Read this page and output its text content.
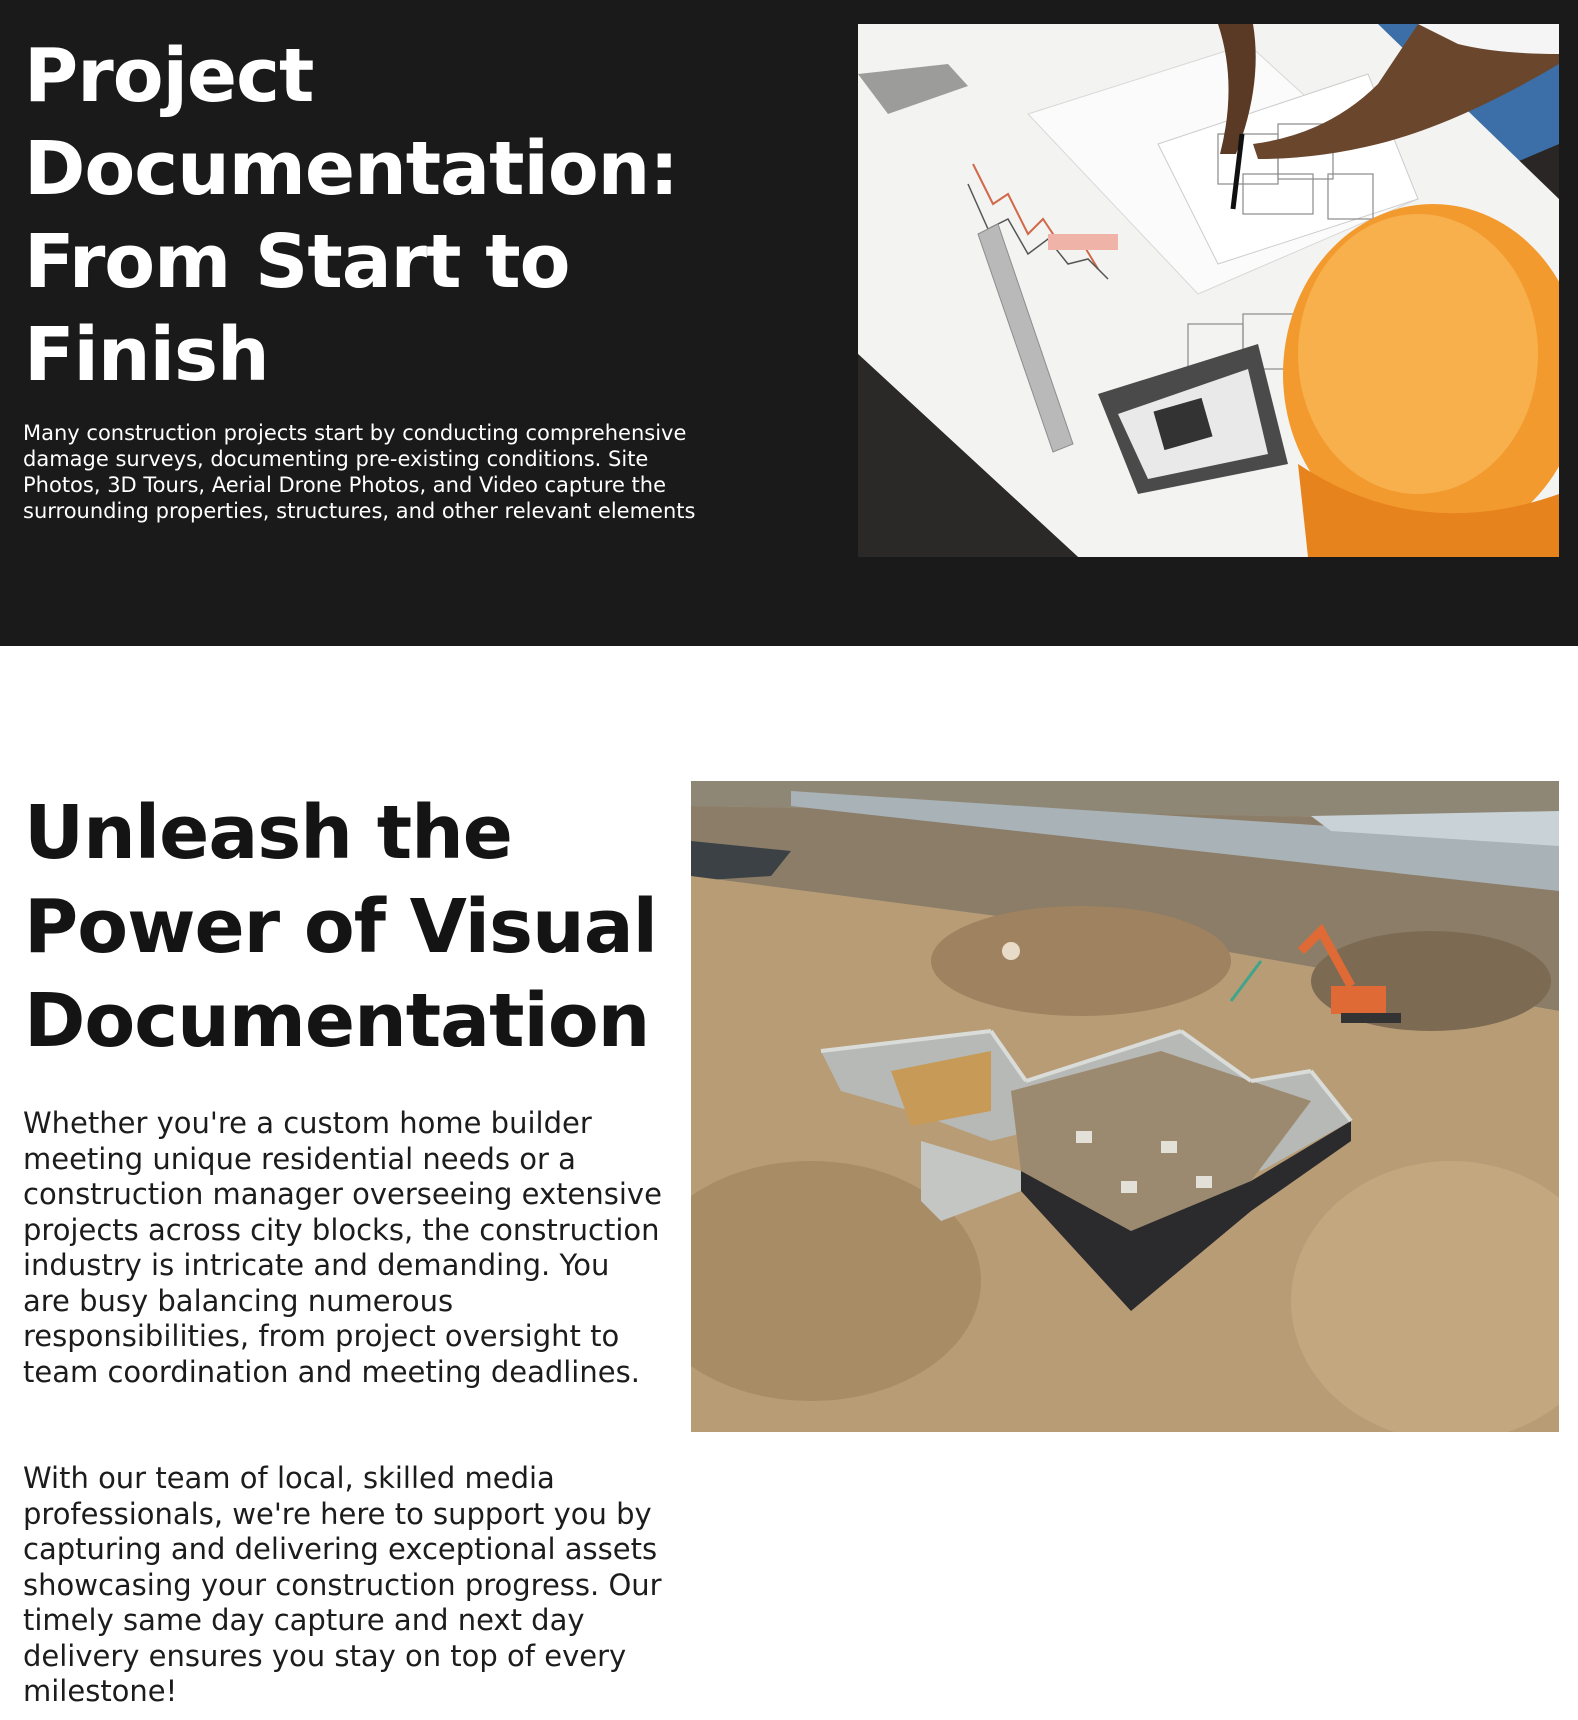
Project Documentation: From Start to Finish

Many construction projects start by conducting comprehensive damage surveys, documenting pre-existing conditions. Site Photos, 3D Tours, Aerial Drone Photos, and Video capture the surrounding properties, structures, and other relevant elements

Unleash the Power of Visual Documentation

Whether you're a custom home builder meeting unique residential needs or a construction manager overseeing extensive projects across city blocks, the construction industry is intricate and demanding. You are busy balancing numerous responsibilities, from project oversight to team coordination and meeting deadlines.

With our team of local, skilled media professionals, we're here to support you by capturing and delivering exceptional assets showcasing your construction progress. Our timely same day capture and next day delivery ensures you stay on top of every milestone!
